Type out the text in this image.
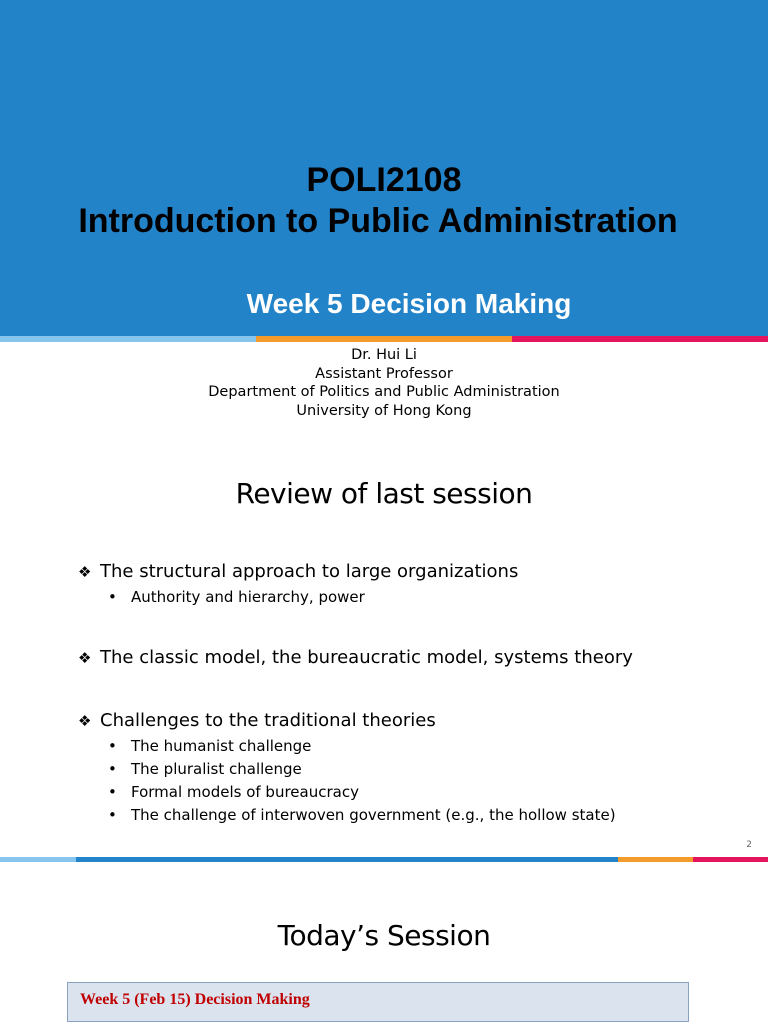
POLI2108
Introduction to Public Administration
Week 5 Decision Making
Dr. Hui Li
Assistant Professor
Department of Politics and Public Administration
University of Hong Kong
Review of last session
❖ The structural approach to large organizations
• Authority and hierarchy, power
❖ The classic model, the bureaucratic model, systems theory
❖ Challenges to the traditional theories
• The humanist challenge
• The pluralist challenge
• Formal models of bureaucracy
• The challenge of interwoven government (e.g., the hollow state)
2
Today’s Session
Week 5 (Feb 15) Decision Making
